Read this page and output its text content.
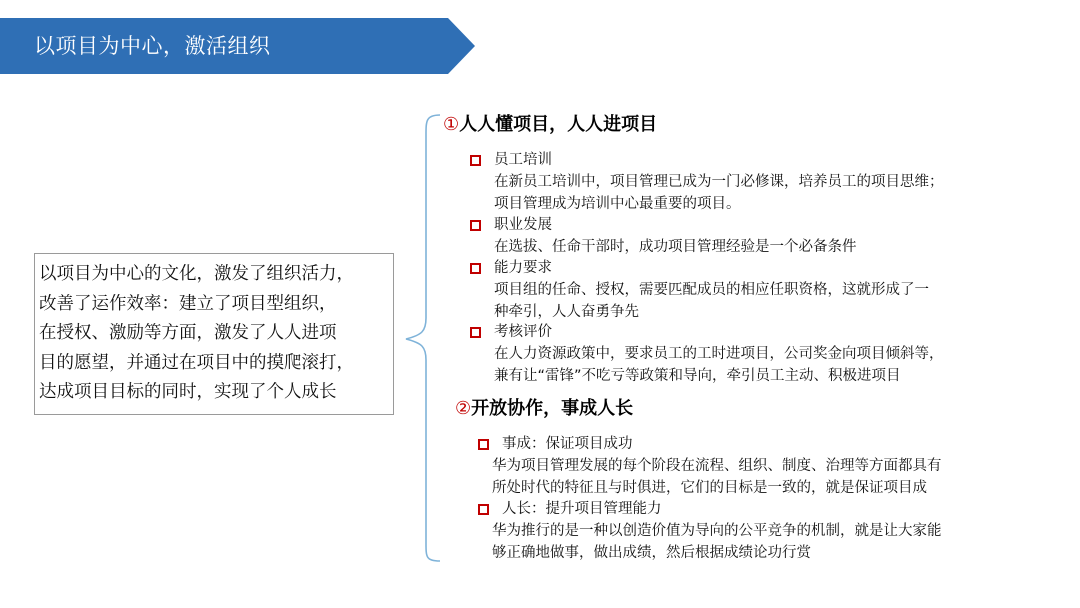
以项目为中心，激活组织
以项目为中心的文化，激发了组织活力，
改善了运作效率：建立了项目型组织，
在授权、激励等方面，激发了人人进项
目的愿望，并通过在项目中的摸爬滚打，
达成项目目标的同时，实现了个人成长
①人人懂项目，人人进项目

员工培训

在新员工培训中，项目管理已成为一门必修课，培养员工的项目思维；

项目管理成为培训中心最重要的项目。

职业发展

在选拔、任命干部时，成功项目管理经验是一个必备条件

能力要求

项目组的任命、授权，需要匹配成员的相应任职资格，这就形成了一

种牵引，人人奋勇争先

考核评价

在人力资源政策中，要求员工的工时进项目，公司奖金向项目倾斜等，

兼有让“雷锋”不吃亏等政策和导向，牵引员工主动、积极进项目

②开放协作，事成人长

事成：保证项目成功

华为项目管理发展的每个阶段在流程、组织、制度、治理等方面都具有

所处时代的特征且与时俱进，它们的目标是一致的，就是保证项目成

人长：提升项目管理能力

华为推行的是一种以创造价值为导向的公平竞争的机制，就是让大家能

够正确地做事，做出成绩，然后根据成绩论功行赏
